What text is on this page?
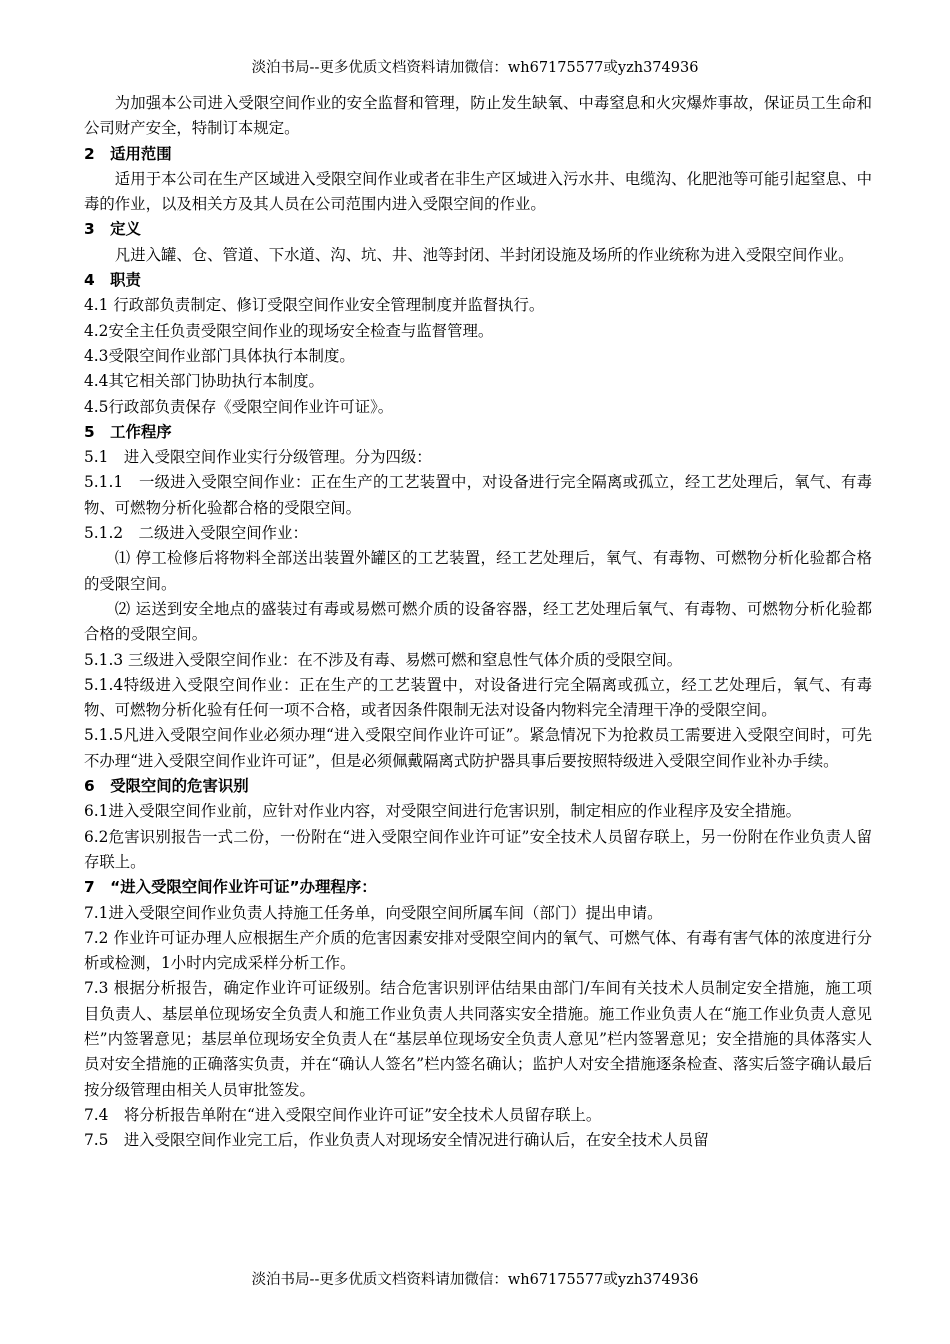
淡泊书局--更多优质文档资料请加微信：wh67175577或yzh374936

为加强本公司进入受限空间作业的安全监督和管理，防止发生缺氧、中毒窒息和火灾爆炸事故，保证员工生命和公司财产安全，特制订本规定。

2　适用范围

适用于本公司在生产区域进入受限空间作业或者在非生产区域进入污水井、电缆沟、化肥池等可能引起窒息、中毒的作业，以及相关方及其人员在公司范围内进入受限空间的作业。

3　定义

凡进入罐、仓、管道、下水道、沟、坑、井、池等封闭、半封闭设施及场所的作业统称为进入受限空间作业。

4　职责

4.1 行政部负责制定、修订受限空间作业安全管理制度并监督执行。

4.2安全主任负责受限空间作业的现场安全检查与监督管理。

4.3受限空间作业部门具体执行本制度。

4.4其它相关部门协助执行本制度。

4.5行政部负责保存《受限空间作业许可证》。

5　工作程序

5.1　进入受限空间作业实行分级管理。分为四级：

5.1.1　一级进入受限空间作业：正在生产的工艺装置中，对设备进行完全隔离或孤立，经工艺处理后，氧气、有毒物、可燃物分析化验都合格的受限空间。

5.1.2　二级进入受限空间作业：

⑴ 停工检修后将物料全部送出装置外罐区的工艺装置，经工艺处理后，氧气、有毒物、可燃物分析化验都合格的受限空间。

⑵ 运送到安全地点的盛装过有毒或易燃可燃介质的设备容器，经工艺处理后氧气、有毒物、可燃物分析化验都合格的受限空间。

5.1.3 三级进入受限空间作业：在不涉及有毒、易燃可燃和窒息性气体介质的受限空间。

5.1.4特级进入受限空间作业：正在生产的工艺装置中，对设备进行完全隔离或孤立，经工艺处理后，氧气、有毒物、可燃物分析化验有任何一项不合格，或者因条件限制无法对设备内物料完全清理干净的受限空间。

5.1.5凡进入受限空间作业必须办理“进入受限空间作业许可证”。紧急情况下为抢救员工需要进入受限空间时，可先不办理“进入受限空间作业许可证”，但是必须佩戴隔离式防护器具事后要按照特级进入受限空间作业补办手续。

6　受限空间的危害识别

6.1进入受限空间作业前，应针对作业内容，对受限空间进行危害识别，制定相应的作业程序及安全措施。

6.2危害识别报告一式二份，一份附在“进入受限空间作业许可证”安全技术人员留存联上，另一份附在作业负责人留存联上。

7　“进入受限空间作业许可证”办理程序：

7.1进入受限空间作业负责人持施工任务单，向受限空间所属车间（部门）提出申请。

7.2 作业许可证办理人应根据生产介质的危害因素安排对受限空间内的氧气、可燃气体、有毒有害气体的浓度进行分析或检测，1小时内完成采样分析工作。

7.3 根据分析报告，确定作业许可证级别。结合危害识别评估结果由部门/车间有关技术人员制定安全措施，施工项目负责人、基层单位现场安全负责人和施工作业负责人共同落实安全措施。施工作业负责人在“施工作业负责人意见栏”内签署意见；基层单位现场安全负责人在“基层单位现场安全负责人意见”栏内签署意见；安全措施的具体落实人员对安全措施的正确落实负责，并在“确认人签名”栏内签名确认；监护人对安全措施逐条检查、落实后签字确认最后按分级管理由相关人员审批签发。

7.4　将分析报告单附在“进入受限空间作业许可证”安全技术人员留存联上。

7.5　进入受限空间作业完工后，作业负责人对现场安全情况进行确认后，在安全技术人员留

淡泊书局--更多优质文档资料请加微信：wh67175577或yzh374936
